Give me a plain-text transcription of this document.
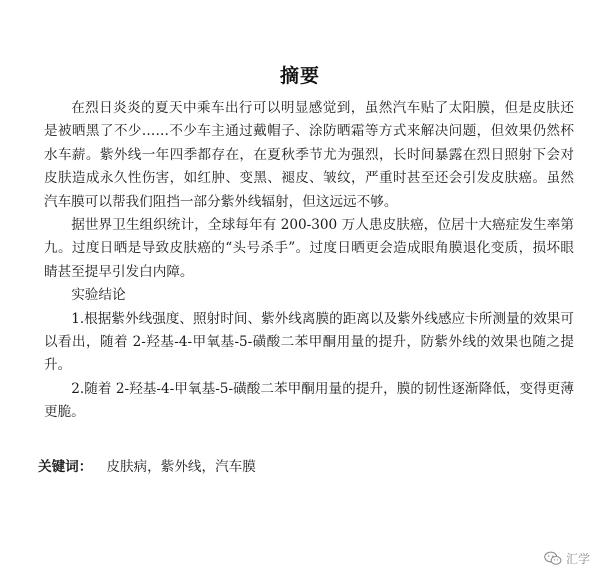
摘要

在烈日炎炎的夏天中乘车出行可以明显感觉到，虽然汽车贴了太阳膜，但是皮肤还是被晒黑了不少……不少车主通过戴帽子、涂防晒霜等方式来解决问题，但效果仍然杯水车薪。紫外线一年四季都存在，在夏秋季节尤为强烈，长时间暴露在烈日照射下会对皮肤造成永久性伤害，如红肿、变黑、褪皮、皱纹，严重时甚至还会引发皮肤癌。虽然汽车膜可以帮我们阻挡一部分紫外线辐射，但这远远不够。

据世界卫生组织统计，全球每年有 200-300 万人患皮肤癌，位居十大癌症发生率第九。过度日晒是导致皮肤癌的“头号杀手”。过度日晒更会造成眼角膜退化变质，损坏眼睛甚至提早引发白内障。

实验结论

1.根据紫外线强度、照射时间、紫外线离膜的距离以及紫外线感应卡所测量的效果可以看出，随着 2-羟基-4-甲氧基-5-磺酸二苯甲酮用量的提升，防紫外线的效果也随之提升。

2.随着 2-羟基-4-甲氧基-5-磺酸二苯甲酮用量的提升，膜的韧性逐渐降低，变得更薄更脆。

关键词： 皮肤病，紫外线，汽车膜
汇学
